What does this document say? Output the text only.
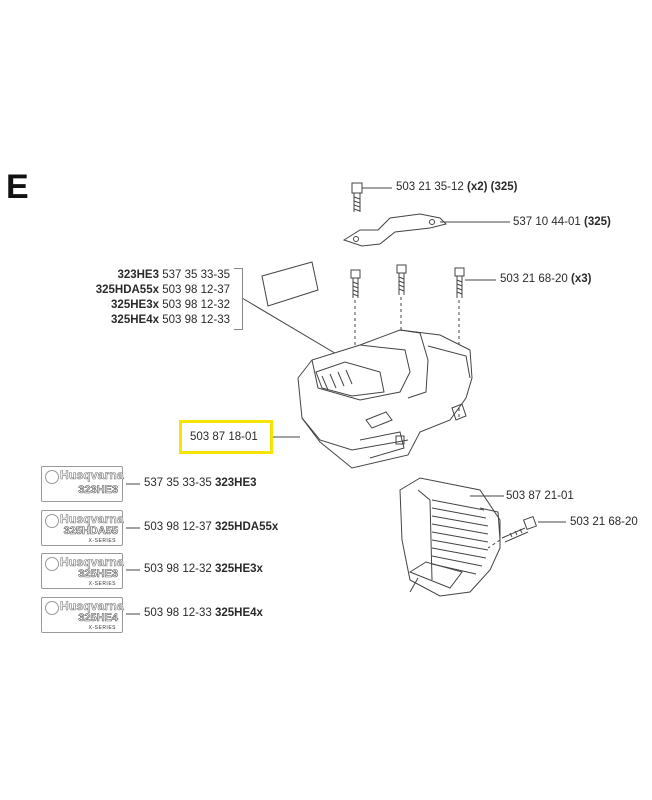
E	503 21 35-12 (x2) (325)
537 10 44-01 (325)
503 21 68-20 (x3)
323HE3 537 35 33-35
325HDA55x 503 98 12-37
325HE3x 503 98 12-32
325HE4x 503 98 12-33
503 87 18-01
503 87 21-01
503 21 68-20
Husqvarna
323HE3
537 35 33-35 323HE3
Husqvarna
325HDA55
X-SERIES
503 98 12-37 325HDA55x
Husqvarna
325HE3
X-SERIES
503 98 12-32 325HE3x
Husqvarna
325HE4
X-SERIES
503 98 12-33 325HE4x
